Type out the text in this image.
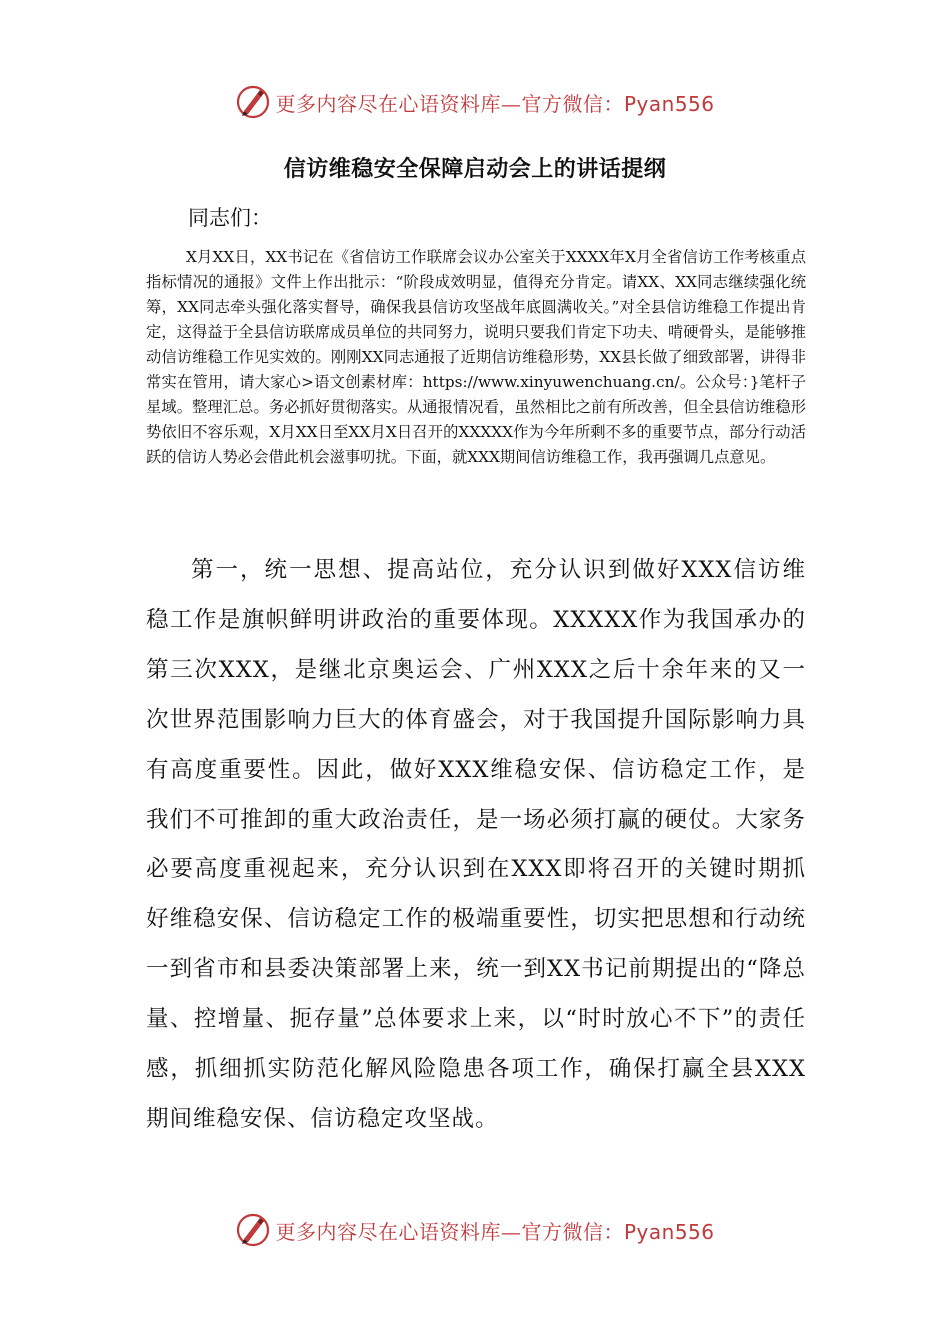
更多内容尽在心语资料库—官方微信：Pyan556
信访维稳安全保障启动会上的讲话提纲

同志们：

X月XX日，XX书记在《省信访工作联席会议办公室关于XXXX年X月全省信访工作考核重点指标情况的通报》文件上作出批示：“阶段成效明显，值得充分肯定。请XX、XX同志继续强化统筹，XX同志牵头强化落实督导，确保我县信访攻坚战年底圆满收关。”对全县信访维稳工作提出肯定，这得益于全县信访联席成员单位的共同努力，说明只要我们肯定下功夫、啃硬骨头，是能够推动信访维稳工作见实效的。刚刚XX同志通报了近期信访维稳形势，XX县长做了细致部署，讲得非常实在管用，请大家心>语文创素材库：https://www.xinyuwenchuang.cn/。公众号：}笔杆子星域。整理汇总。务必抓好贯彻落实。从通报情况看，虽然相比之前有所改善，但全县信访维稳形势依旧不容乐观，X月XX日至XX月X日召开的XXXXX作为今年所剩不多的重要节点，部分行动活跃的信访人势必会借此机会滋事叨扰。下面，就XXX期间信访维稳工作，我再强调几点意见。

第一，统一思想、提高站位，充分认识到做好XXX信访维稳工作是旗帜鲜明讲政治的重要体现。XXXXX作为我国承办的第三次XXX，是继北京奥运会、广州XXX之后十余年来的又一次世界范围影响力巨大的体育盛会，对于我国提升国际影响力具有高度重要性。因此，做好XXX维稳安保、信访稳定工作，是我们不可推卸的重大政治责任，是一场必须打赢的硬仗。大家务必要高度重视起来，充分认识到在XXX即将召开的关键时期抓好维稳安保、信访稳定工作的极端重要性，切实把思想和行动统一到省市和县委决策部署上来，统一到XX书记前期提出的“降总量、控增量、扼存量”总体要求上来，以“时时放心不下”的责任感，抓细抓实防范化解风险隐患各项工作，确保打赢全县XXX期间维稳安保、信访稳定攻坚战。

更多内容尽在心语资料库—官方微信：Pyan556
